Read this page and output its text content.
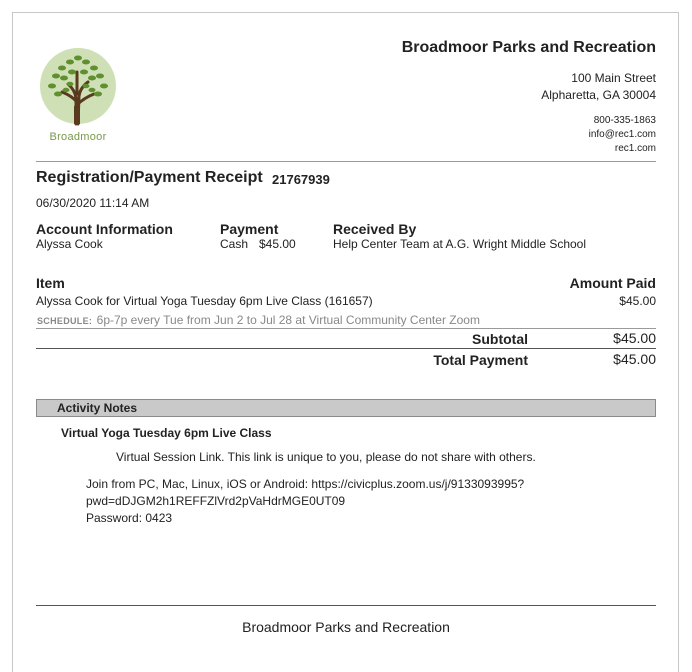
Broadmoor
Broadmoor Parks and Recreation
100 Main Street
Alpharetta, GA 30004
800-335-1863
info@rec1.com
rec1.com
Registration/Payment Receipt 21767939
06/30/2020 11:14 AM
Account Information
Alyssa Cook
Payment
Cash $45.00
Received By
Help Center Team at A.G. Wright Middle School
Item	Amount Paid
Alyssa Cook for Virtual Yoga Tuesday 6pm Live Class (161657)	$45.00
SCHEDULE: 6p-7p every Tue from Jun 2 to Jul 28 at Virtual Community Center Zoom
Subtotal	$45.00
Total Payment	$45.00
Activity Notes
Virtual Yoga Tuesday 6pm Live Class
Virtual Session Link. This link is unique to you, please do not share with others.
Join from PC, Mac, Linux, iOS or Android: https://civicplus.zoom.us/j/9133093995?
pwd=dDJGM2h1REFFZlVrd2pVaHdrMGE0UT09
Password: 0423
Broadmoor Parks and Recreation
